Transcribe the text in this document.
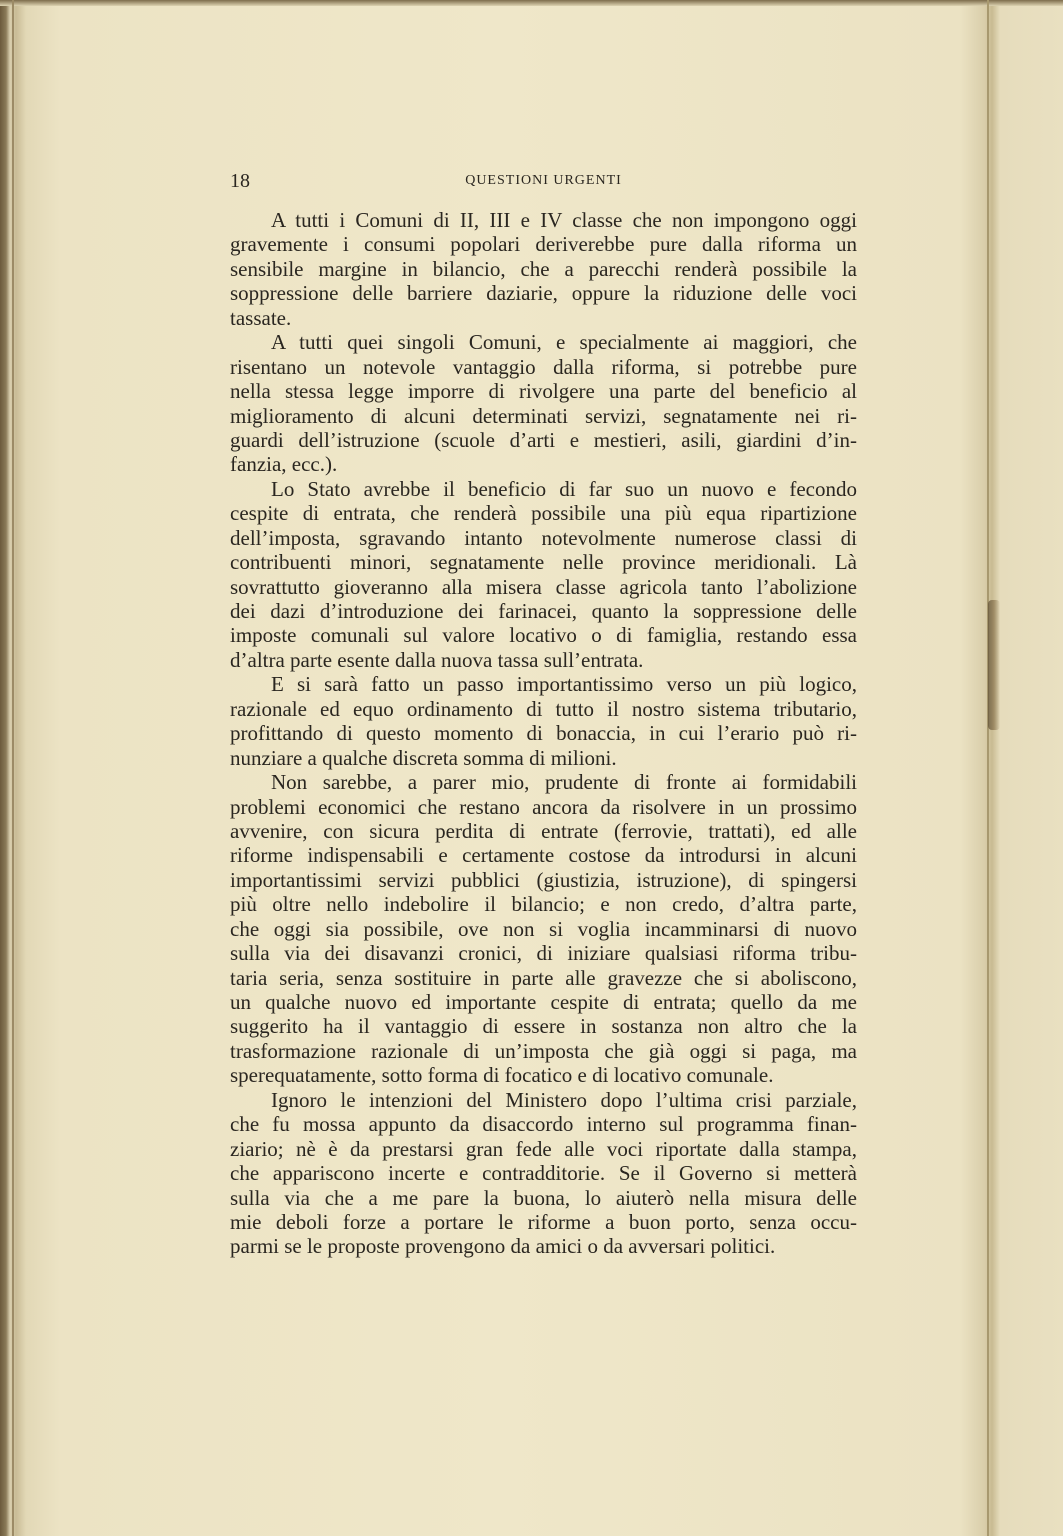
18	QUESTIONI URGENTI
A tutti i Comuni di II, III e IV classe che non impongono oggi
gravemente i consumi popolari deriverebbe pure dalla riforma un
sensibile margine in bilancio, che a parecchi renderà possibile la
soppressione delle barriere daziarie, oppure la riduzione delle voci
tassate.
A tutti quei singoli Comuni, e specialmente ai maggiori, che
risentano un notevole vantaggio dalla riforma, si potrebbe pure
nella stessa legge imporre di rivolgere una parte del beneficio al
miglioramento di alcuni determinati servizi, segnatamente nei ri-
guardi dell’istruzione (scuole d’arti e mestieri, asili, giardini d’in-
fanzia, ecc.).
Lo Stato avrebbe il beneficio di far suo un nuovo e fecondo
cespite di entrata, che renderà possibile una più equa ripartizione
dell’imposta, sgravando intanto notevolmente numerose classi di
contribuenti minori, segnatamente nelle province meridionali. Là
sovrattutto gioveranno alla misera classe agricola tanto l’abolizione
dei dazi d’introduzione dei farinacei, quanto la soppressione delle
imposte comunali sul valore locativo o di famiglia, restando essa
d’altra parte esente dalla nuova tassa sull’entrata.
E si sarà fatto un passo importantissimo verso un più logico,
razionale ed equo ordinamento di tutto il nostro sistema tributario,
profittando di questo momento di bonaccia, in cui l’erario può ri-
nunziare a qualche discreta somma di milioni.
Non sarebbe, a parer mio, prudente di fronte ai formidabili
problemi economici che restano ancora da risolvere in un prossimo
avvenire, con sicura perdita di entrate (ferrovie, trattati), ed alle
riforme indispensabili e certamente costose da introdursi in alcuni
importantissimi servizi pubblici (giustizia, istruzione), di spingersi
più oltre nello indebolire il bilancio; e non credo, d’altra parte,
che oggi sia possibile, ove non si voglia incamminarsi di nuovo
sulla via dei disavanzi cronici, di iniziare qualsiasi riforma tribu-
taria seria, senza sostituire in parte alle gravezze che si aboliscono,
un qualche nuovo ed importante cespite di entrata; quello da me
suggerito ha il vantaggio di essere in sostanza non altro che la
trasformazione razionale di un’imposta che già oggi si paga, ma
sperequatamente, sotto forma di focatico e di locativo comunale.
Ignoro le intenzioni del Ministero dopo l’ultima crisi parziale,
che fu mossa appunto da disaccordo interno sul programma finan-
ziario; nè è da prestarsi gran fede alle voci riportate dalla stampa,
che appariscono incerte e contradditorie. Se il Governo si metterà
sulla via che a me pare la buona, lo aiuterò nella misura delle
mie deboli forze a portare le riforme a buon porto, senza occu-
parmi se le proposte provengono da amici o da avversari politici.
